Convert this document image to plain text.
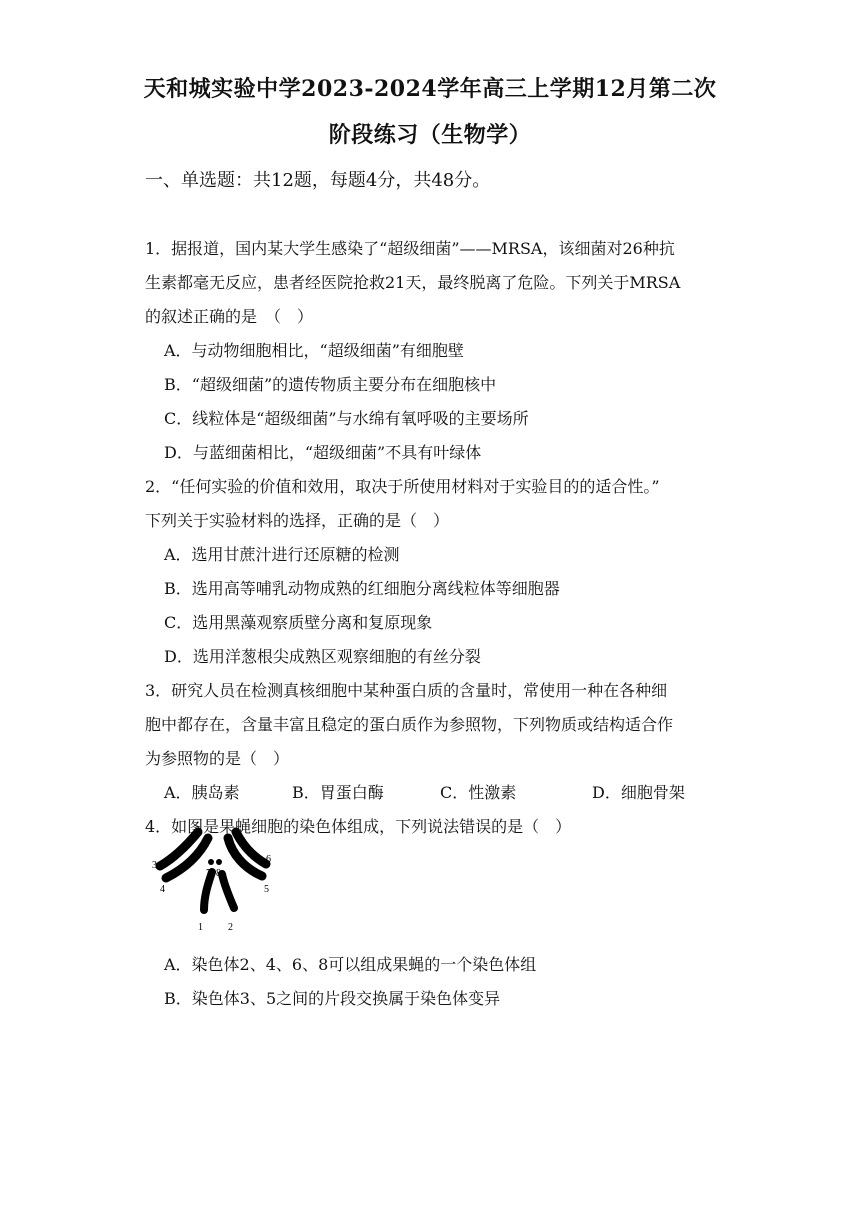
天和城实验中学2023-2024学年高三上学期12月第二次
阶段练习（生物学）
一、单选题：共12题，每题4分，共48分。
1．据报道，国内某大学生感染了“超级细菌”——MRSA，该细菌对26种抗
生素都毫无反应，患者经医院抢救21天，最终脱离了危险。下列关于MRSA
的叙述正确的是　（　）
A．与动物细胞相比，“超级细菌”有细胞壁
B．“超级细菌”的遗传物质主要分布在细胞核中
C．线粒体是“超级细菌”与水绵有氧呼吸的主要场所
D．与蓝细菌相比，“超级细菌”不具有叶绿体
2．“任何实验的价值和效用，取决于所使用材料对于实验目的的适合性。”
下列关于实验材料的选择，正确的是（　）
A．选用甘蔗汁进行还原糖的检测
B．选用高等哺乳动物成熟的红细胞分离线粒体等细胞器
C．选用黑藻观察质壁分离和复原现象
D．选用洋葱根尖成熟区观察细胞的有丝分裂
3．研究人员在检测真核细胞中某种蛋白质的含量时，常使用一种在各种细
胞中都存在，含量丰富且稳定的蛋白质作为参照物，下列物质或结构适合作
为参照物的是（　）
A．胰岛素	B．胃蛋白酶	C．性激素	D．细胞骨架
4．如图是果蝇细胞的染色体组成，下列说法错误的是（　）
3
4
7 8
6
5
1	2
A．染色体2、4、6、8可以组成果蝇的一个染色体组
B．染色体3、5之间的片段交换属于染色体变异
